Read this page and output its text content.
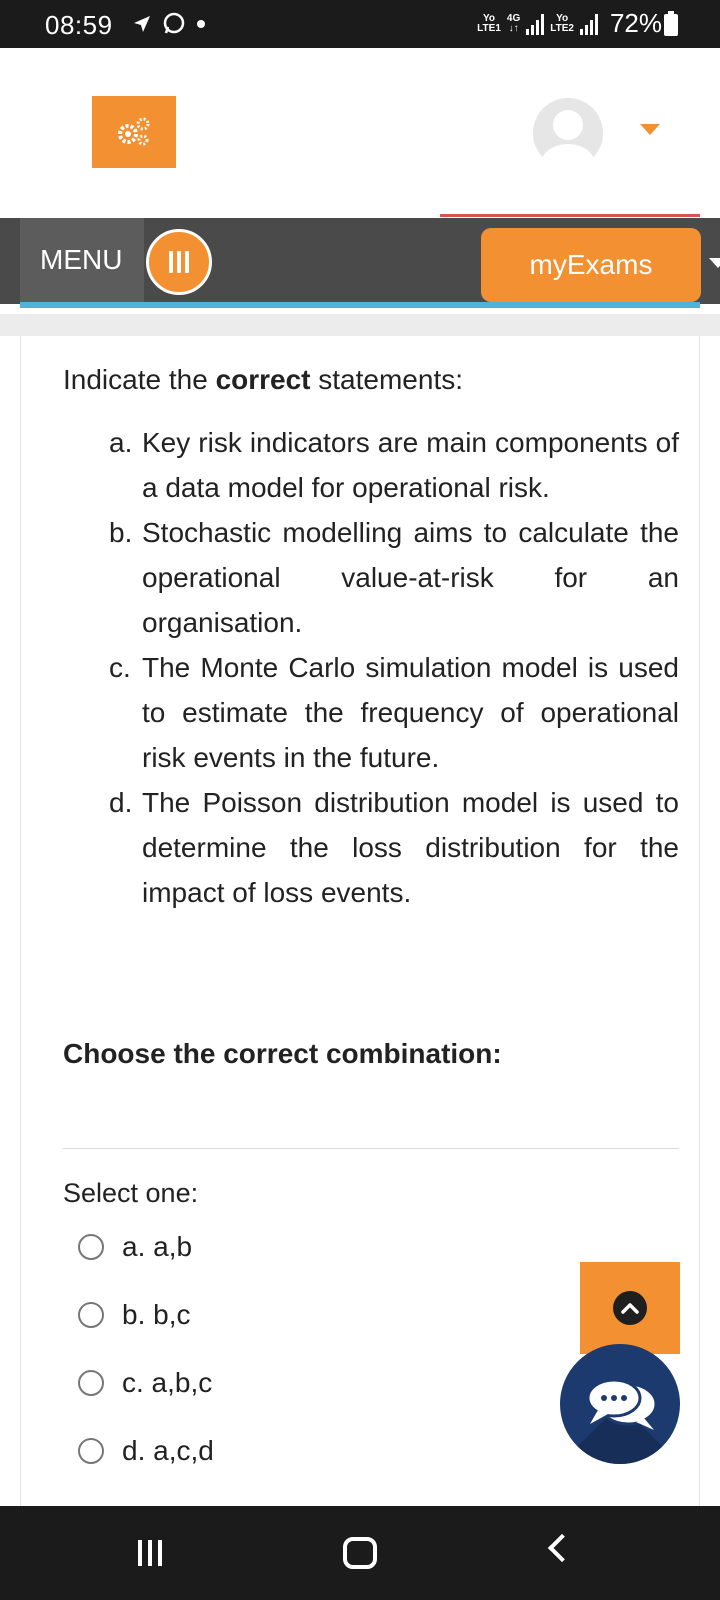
08:59	Yo
LTE1
4G
↓↑
Yo
LTE2 72%
MENU	myExams

Indicate the correct statements:

a. Key risk indicators are main components of a data model for operational risk.
b. Stochastic modelling aims to calculate the operational value-at-risk for an organisation.
c. The Monte Carlo simulation model is used to estimate the frequency of operational risk events in the future.
d. The Poisson distribution model is used to determine the loss distribution for the impact of loss events.

Choose the correct combination:

Select one:

a. a,b
b. b,c
c. a,b,c
d. a,c,d
